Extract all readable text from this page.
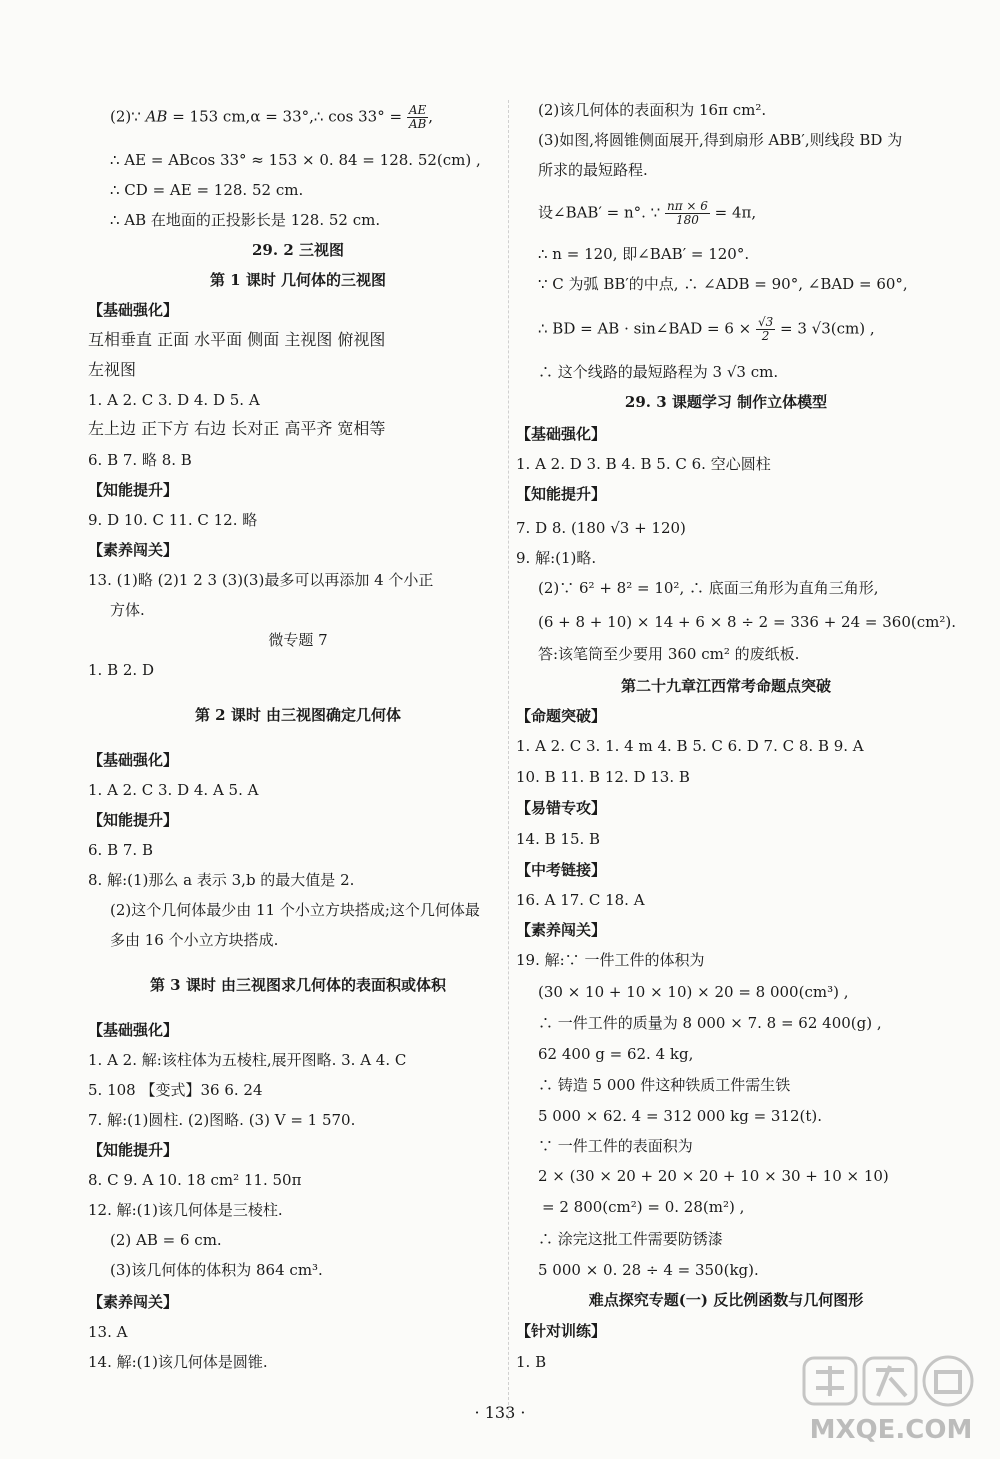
(2)∵ AB = 153 cm,α = 33°,∴ $\cos 33^\circ = \frac{AE}{AB}$ ,
∴ AE = ABcos 33° ≈ 153 × 0. 84 = 128. 52(cm) ,
∴ CD = AE = 128. 52 cm.
∴ AB 在地面的正投影长是 128. 52 cm.
29. 2 三视图
第 1 课时 几何体的三视图
【基础强化】
互相垂直 正面 水平面 侧面 主视图 俯视图
左视图
1. A 2. C 3. D 4. D 5. A
左上边 正下方 右边 长对正 高平齐 宽相等
6. B 7. 略 8. B
【知能提升】
9. D 10. C 11. C 12. 略
【素养闯关】
13. (1)略 (2)1 2 3 (3)(3)最多可以再添加 4 个小正
方体.
微专题 7
1. B 2. D
第 2 课时 由三视图确定几何体
【基础强化】
1. A 2. C 3. D 4. A 5. A
【知能提升】
6. B 7. B
8. 解:(1)那么 a 表示 3,b 的最大值是 2.
(2)这个几何体最少由 11 个小立方块搭成;这个几何体最
多由 16 个小立方块搭成.
第 3 课时 由三视图求几何体的表面积或体积
【基础强化】
1. A 2. 解:该柱体为五棱柱,展开图略. 3. A 4. C
5. 108 【变式】36 6. 24
7. 解:(1)圆柱. (2)图略. (3) V = 1 570.
【知能提升】
8. C 9. A 10. 18 cm² 11. 50π
12. 解:(1)该几何体是三棱柱.
(2) AB = 6 cm.
(3)该几何体的体积为 864 cm³.
【素养闯关】
13. A
14. 解:(1)该几何体是圆锥.
(2)该几何体的表面积为 16π cm².
(3)如图,将圆锥侧面展开,得到扇形 ABB′,则线段 BD 为
所求的最短路程.
设∠BAB′ = n°. ∵ $\frac{n\pi \times 6}{180} = 4\pi$,
∴ n = 120, 即∠BAB′ = 120°.
∵ C 为弧 BB′的中点, ∴ ∠ADB = 90°, ∠BAD = 60°,
∴ BD = AB · sin∠BAD = $6 \times \frac{√3}{2} = 3$ √3(cm) ,
∴ 这个线路的最短路程为 3 √3 cm.
29. 3 课题学习 制作立体模型
【基础强化】
1. A 2. D 3. B 4. B 5. C 6. 空心圆柱
【知能提升】
7. D 8. (180 √3 + 120)
9. 解:(1)略.
(2)∵ 6² + 8² = 10², ∴ 底面三角形为直角三角形,
(6 + 8 + 10) × 14 + 6 × 8 ÷ 2 = 336 + 24 = 360(cm²).
答:该笔筒至少要用 360 cm² 的废纸板.
第二十九章江西常考命题点突破
【命题突破】
1. A 2. C 3. 1. 4 m 4. B 5. C 6. D 7. C 8. B 9. A
10. B 11. B 12. D 13. B
【易错专攻】
14. B 15. B
【中考链接】
16. A 17. C 18. A
【素养闯关】
19. 解:∵ 一件工件的体积为
(30 × 10 + 10 × 10) × 20 = 8 000(cm³) ,
∴ 一件工件的质量为 8 000 × 7. 8 = 62 400(g) ,
62 400 g = 62. 4 kg,
∴ 铸造 5 000 件这种铁质工件需生铁
5 000 × 62. 4 = 312 000 kg = 312(t).
∵ 一件工件的表面积为
2 × (30 × 20 + 20 × 20 + 10 × 30 + 10 × 10)
= 2 800(cm²) = 0. 28(m²) ,
∴ 涂完这批工件需要防锈漆
5 000 × 0. 28 ÷ 4 = 350(kg).
难点探究专题(一) 反比例函数与几何图形
【针对训练】
1. B
· 133 ·
MXQE.COM
